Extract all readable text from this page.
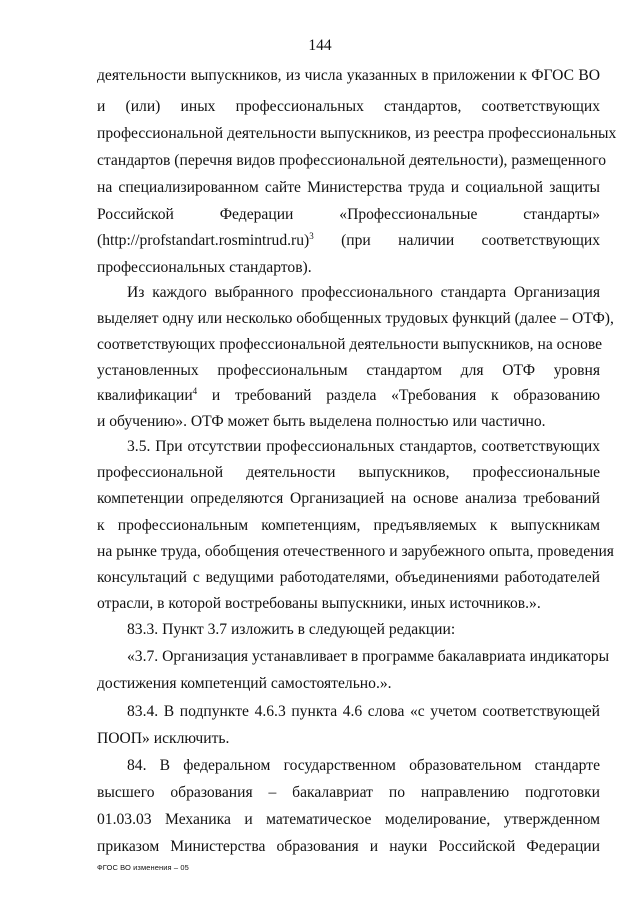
144
деятельности выпускников, из числа указанных в приложении к ФГОС ВО
и (или) иных профессиональных стандартов, соответствующих
профессиональной деятельности выпускников, из реестра профессиональных
стандартов (перечня видов профессиональной деятельности), размещенного
на специализированном сайте Министерства труда и социальной защиты
Российской Федерации «Профессиональные стандарты»
(http://profstandart.rosmintrud.ru)$^3$ (при наличии соответствующих
профессиональных стандартов).
Из каждого выбранного профессионального стандарта Организация
выделяет одну или несколько обобщенных трудовых функций (далее – ОТФ),
соответствующих профессиональной деятельности выпускников, на основе
установленных профессиональным стандартом для ОТФ уровня
квалификации$^4$ и требований раздела «Требования к образованию
и обучению». ОТФ может быть выделена полностью или частично.
3.5. При отсутствии профессиональных стандартов, соответствующих
профессиональной деятельности выпускников, профессиональные
компетенции определяются Организацией на основе анализа требований
к профессиональным компетенциям, предъявляемых к выпускникам
на рынке труда, обобщения отечественного и зарубежного опыта, проведения
консультаций с ведущими работодателями, объединениями работодателей
отрасли, в которой востребованы выпускники, иных источников.».
83.3. Пункт 3.7 изложить в следующей редакции:
«3.7. Организация устанавливает в программе бакалавриата индикаторы
достижения компетенций самостоятельно.».
83.4. В подпункте 4.6.3 пункта 4.6 слова «с учетом соответствующей
ПООП» исключить.
84. В федеральном государственном образовательном стандарте
высшего образования – бакалавриат по направлению подготовки
01.03.03 Механика и математическое моделирование, утвержденном
приказом Министерства образования и науки Российской Федерации
ФГОС ВО изменения – 05
